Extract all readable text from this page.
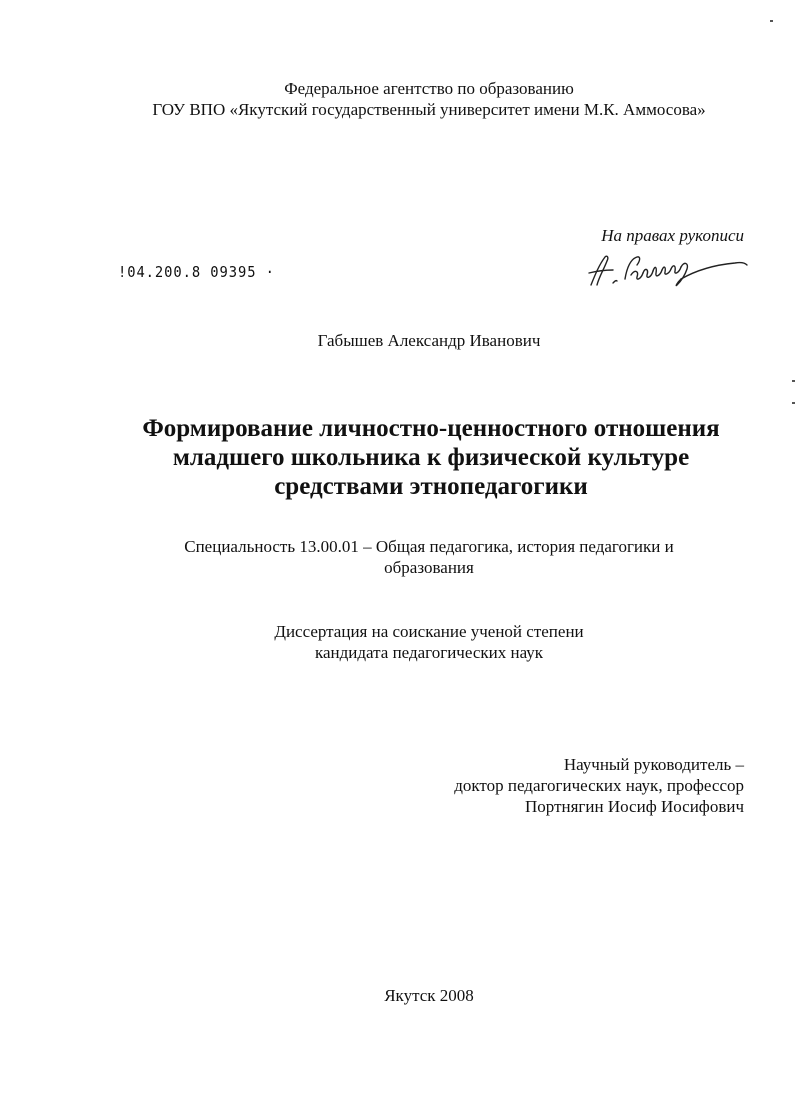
Федеральное агентство по образованию
ГОУ ВПО «Якутский государственный университет имени М.К. Аммосова»
На правах рукописи
!04.200.8 09395 ·
Габышев Александр Иванович
Формирование личностно-ценностного отношения
младшего школьника к физической культуре
средствами этнопедагогики
Специальность 13.00.01 – Общая педагогика, история педагогики и
образования
Диссертация на соискание ученой степени
кандидата педагогических наук
Научный руководитель –
доктор педагогических наук, профессор
Портнягин Иосиф Иосифович
Якутск 2008
